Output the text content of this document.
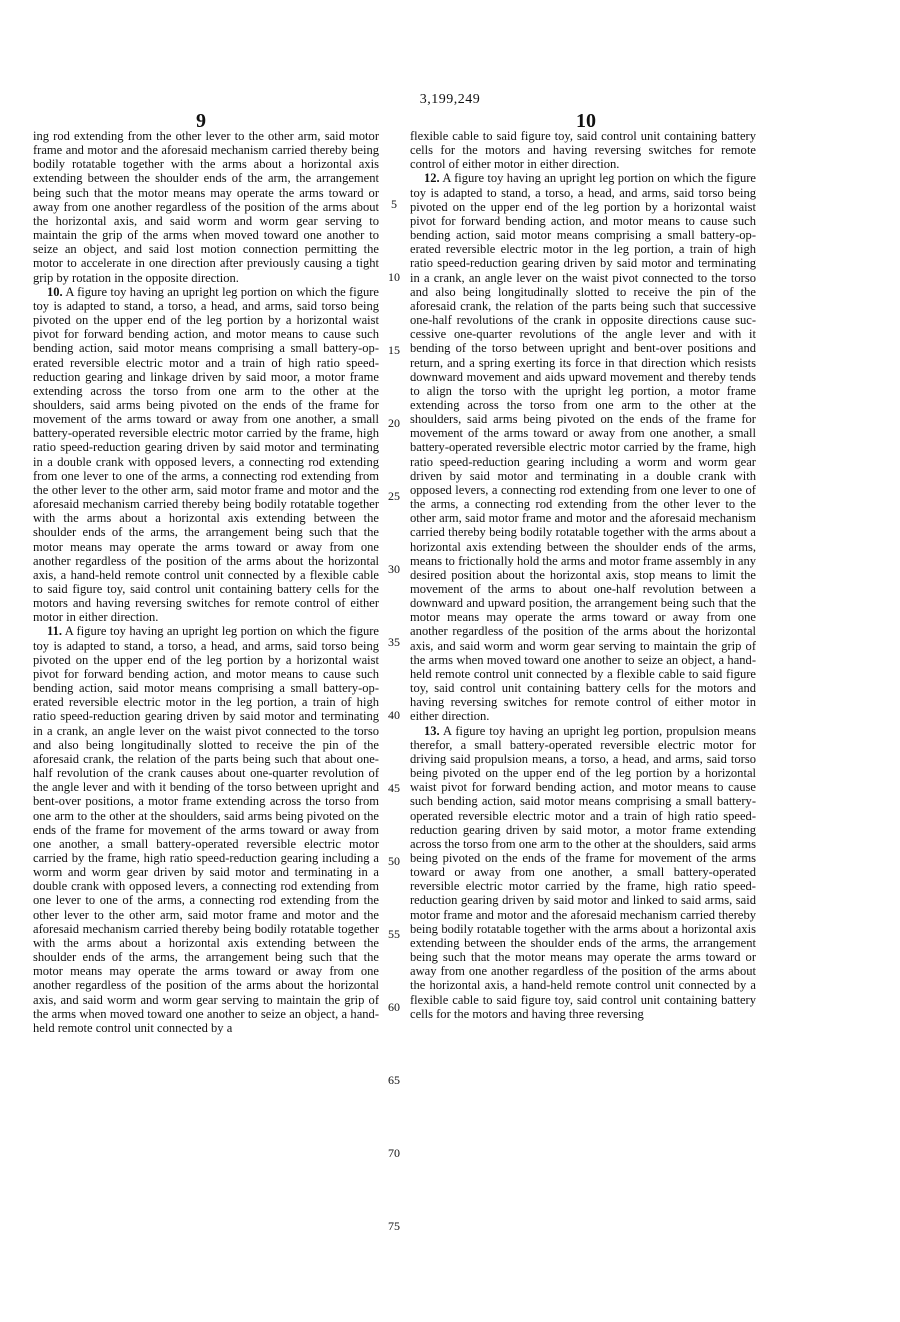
3,199,249
9	10

ing rod extending from the other lever to the other arm, said motor frame and motor and the aforesaid mechanism carried thereby being bodily rotatable together with the arms about a horizontal axis extending between the shoulder ends of the arm, the arrangement being such that the motor means may operate the arms toward or away from one another regardless of the position of the arms about the horizontal axis, and said worm and worm gear serving to maintain the grip of the arms when moved toward one another to seize an object, and said lost motion connection permitting the motor to accelerate in one direction after previously causing a tight grip by rotation in the opposite direction.

10. A figure toy having an upright leg portion on which the figure toy is adapted to stand, a torso, a head, and arms, said torso being pivoted on the upper end of the leg portion by a horizontal waist pivot for forward bending action, and motor means to cause such bending action, said motor means comprising a small battery-operated reversible electric motor and a train of high ratio speed-reduction gearing and linkage driven by said moor, a motor frame extending across the torso from one arm to the other at the shoulders, said arms being pivoted on the ends of the frame for movement of the arms toward or away from one another, a small battery-operated reversible electric motor carried by the frame, high ratio speed-reduction gearing driven by said motor and terminating in a double crank with opposed levers, a connecting rod extending from one lever to one of the arms, a connecting rod extending from the other lever to the other arm, said motor frame and motor and the aforesaid mechanism carried thereby being bodily rotatable together with the arms about a horizontal axis extending between the shoulder ends of the arms, the arrangement being such that the motor means may operate the arms toward or away from one another regardless of the position of the arms about the horizontal axis, a hand-held remote control unit connected by a flexible cable to said figure toy, said control unit containing battery cells for the motors and having reversing switches for remote control of either motor in either direction.

11. A figure toy having an upright leg portion on which the figure toy is adapted to stand, a torso, a head, and arms, said torso being pivoted on the upper end of the leg portion by a horizontal waist pivot for forward bending action, and motor means to cause such bending action, said motor means comprising a small battery-operated reversible electric motor in the leg portion, a train of high ratio speed-reduction gearing driven by said motor and terminating in a crank, an angle lever on the waist pivot connected to the torso and also being longitudinally slotted to receive the pin of the aforesaid crank, the relation of the parts being such that about one-half revolution of the crank causes about one-quarter revolution of the angle lever and with it bending of the torso between upright and bent-over positions, a motor frame extending across the torso from one arm to the other at the shoulders, said arms being pivoted on the ends of the frame for movement of the arms toward or away from one another, a small battery-operated reversible electric motor carried by the frame, high ratio speed-reduction gearing including a worm and worm gear driven by said motor and terminating in a double crank with opposed levers, a connecting rod extending from one lever to one of the arms, a connecting rod extending from the other lever to the other arm, said motor frame and motor and the aforesaid mechanism carried thereby being bodily rotatable together with the arms about a horizontal axis extending between the shoulder ends of the arms, the arrangement being such that the motor means may operate the arms toward or away from one another regardless of the position of the arms about the horizontal axis, and said worm and worm gear serving to maintain the grip of the arms when moved toward one another to seize an object, a hand-held remote control unit connected by a

5
10
15
20
25
30
35
40
45
50
55
60
65
70
75

flexible cable to said figure toy, said control unit containing battery cells for the motors and having reversing switches for remote control of either motor in either direction.

12. A figure toy having an upright leg portion on which the figure toy is adapted to stand, a torso, a head, and arms, said torso being pivoted on the upper end of the leg portion by a horizontal waist pivot for forward bending action, and motor means to cause such bending action, said motor means comprising a small battery-operated reversible electric motor in the leg portion, a train of high ratio speed-reduction gearing driven by said motor and terminating in a crank, an angle lever on the waist pivot connected to the torso and also being longitudinally slotted to receive the pin of the aforesaid crank, the relation of the parts being such that successive one-half revolutions of the crank in opposite directions cause successive one-quarter revolutions of the angle lever and with it bending of the torso between upright and bent-over positions and return, and a spring exerting its force in that direction which resists downward movement and aids upward movement and thereby tends to align the torso with the upright leg portion, a motor frame extending across the torso from one arm to the other at the shoulders, said arms being pivoted on the ends of the frame for movement of the arms toward or away from one another, a small battery-operated reversible electric motor carried by the frame, high ratio speed-reduction gearing including a worm and worm gear driven by said motor and terminating in a double crank with opposed levers, a connecting rod extending from one lever to one of the arms, a connecting rod extending from the other lever to the other arm, said motor frame and motor and the aforesaid mechanism carried thereby being bodily rotatable together with the arms about a horizontal axis extending between the shoulder ends of the arms, means to frictionally hold the arms and motor frame assembly in any desired position about the horizontal axis, stop means to limit the movement of the arms to about one-half revolution between a downward and upward position, the arrangement being such that the motor means may operate the arms toward or away from one another regardless of the position of the arms about the horizontal axis, and said worm and worm gear serving to maintain the grip of the arms when moved toward one another to seize an object, a hand-held remote control unit connected by a flexible cable to said figure toy, said control unit containing battery cells for the motors and having reversing switches for remote control of either motor in either direction.

13. A figure toy having an upright leg portion, propulsion means therefor, a small battery-operated reversible electric motor for driving said propulsion means, a torso, a head, and arms, said torso being pivoted on the upper end of the leg portion by a horizontal waist pivot for forward bending action, and motor means to cause such bending action, said motor means comprising a small battery-operated reversible electric motor and a train of high ratio speed-reduction gearing driven by said motor, a motor frame extending across the torso from one arm to the other at the shoulders, said arms being pivoted on the ends of the frame for movement of the arms toward or away from one another, a small battery-operated reversible electric motor carried by the frame, high ratio speed-reduction gearing driven by said motor and linked to said arms, said motor frame and motor and the aforesaid mechanism carried thereby being bodily rotatable together with the arms about a horizontal axis extending between the shoulder ends of the arms, the arrangement being such that the motor means may operate the arms toward or away from one another regardless of the position of the arms about the horizontal axis, a hand-held remote control unit connected by a flexible cable to said figure toy, said control unit containing battery cells for the motors and having three reversing
